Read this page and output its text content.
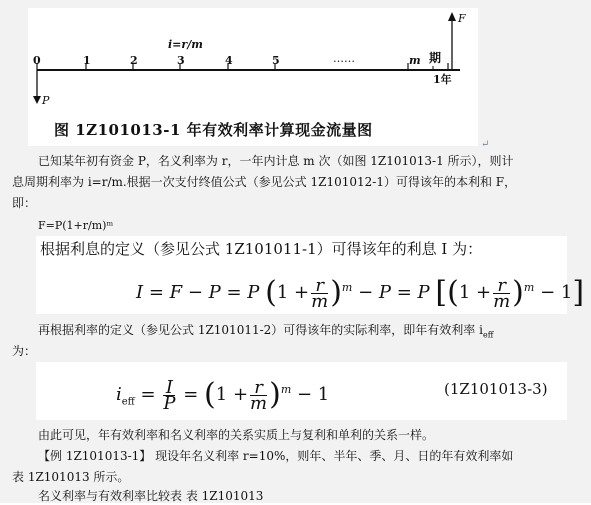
i=r/m
0	1	2	3	4	5	……	m 期
1年
F
P
图 1Z101013-1 年有效利率计算现金流量图
↵
已知某年初有资金 P，名义利率为 r，一年内计息 m 次（如图 1Z101013-1 所示），则计
息周期利率为 i=r/m.根据一次支付终值公式（参见公式 1Z101012-1）可得该年的本利和 F，
即：
F=P(1+r/m)ᵐ
根据利息的定义（参见公式 1Z101011-1）可得该年的利息 I 为：
I = F − P = P $(1 + \frac{r}{m} )^m - P = P$ $[(1 + \frac{r}{m} )^m - 1]$
再根据利率的定义（参见公式 1Z101011-2）可得该年的实际利率，即年有效利率 $i_{eff}$
为：
$i_{eff} = \frac{I}{P} = (1 + \frac{r}{m} )^m - 1$	(1Z101013-3)
由此可见，年有效利率和名义利率的关系实质上与复利和单利的关系一样。
【例 1Z101013-1】 现设年名义利率 r=10%，则年、半年、季、月、日的年有效利率如
表 1Z101013 所示。
名义利率与有效利率比较表 表 1Z101013
